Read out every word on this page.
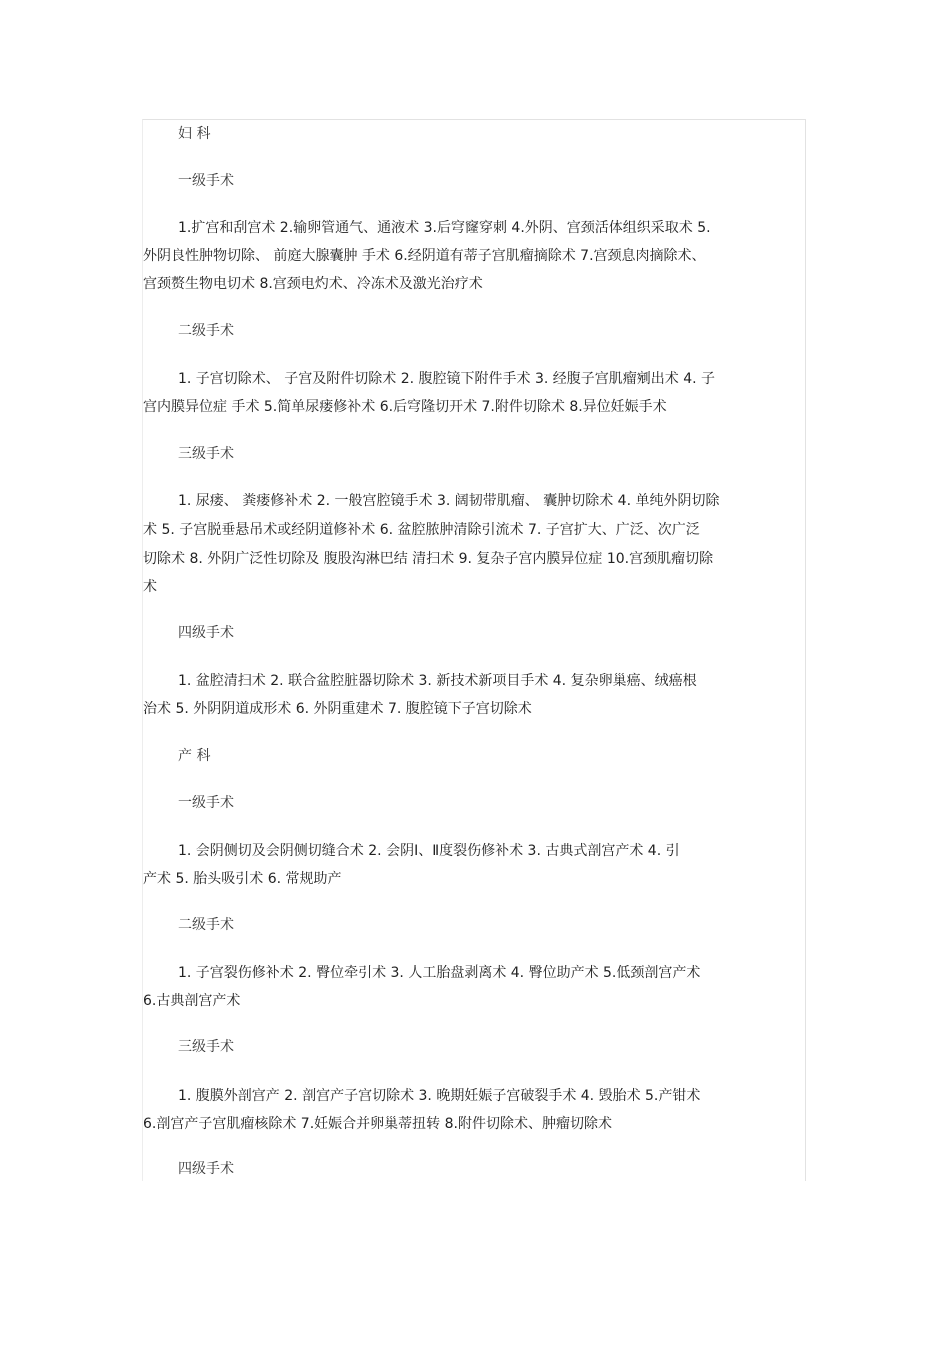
妇 科
一级手术
1.扩宫和刮宫术 2.输卵管通气、通液术 3.后穹窿穿刺 4.外阴、宫颈活体组织采取术 5.
外阴良性肿物切除、 前庭大腺囊肿 手术 6.经阴道有蒂子宫肌瘤摘除术 7.宫颈息肉摘除术、
宫颈赘生物电切术 8.宫颈电灼术、冷冻术及激光治疗术
二级手术
1. 子宫切除术、 子宫及附件切除术 2. 腹腔镜下附件手术 3. 经腹子宫肌瘤剜出术 4. 子
宫内膜异位症 手术 5.简单尿瘘修补术 6.后穹隆切开术 7.附件切除术 8.异位妊娠手术
三级手术
1. 尿瘘、 粪瘘修补术 2. 一般宫腔镜手术 3. 阔韧带肌瘤、 囊肿切除术 4. 单纯外阴切除
术 5. 子宫脱垂悬吊术或经阴道修补术 6. 盆腔脓肿清除引流术 7. 子宫扩大、广泛、次广泛
切除术 8. 外阴广泛性切除及 腹股沟淋巴结 清扫术 9. 复杂子宫内膜异位症 10.宫颈肌瘤切除
术
四级手术
1. 盆腔清扫术 2. 联合盆腔脏器切除术 3. 新技术新项目手术 4. 复杂卵巢癌、绒癌根
治术 5. 外阴阴道成形术 6. 外阴重建术 7. 腹腔镜下子宫切除术
产 科
一级手术
1. 会阴侧切及会阴侧切缝合术 2. 会阴Ⅰ、Ⅱ度裂伤修补术 3. 古典式剖宫产术 4. 引
产术 5. 胎头吸引术 6. 常规助产
二级手术
1. 子宫裂伤修补术 2. 臀位牵引术 3. 人工胎盘剥离术 4. 臀位助产术 5.低颈剖宫产术
6.古典剖宫产术
三级手术
1. 腹膜外剖宫产 2. 剖宫产子宫切除术 3. 晚期妊娠子宫破裂手术 4. 毁胎术 5.产钳术
6.剖宫产子宫肌瘤核除术 7.妊娠合并卵巢蒂扭转 8.附件切除术、肿瘤切除术
四级手术
